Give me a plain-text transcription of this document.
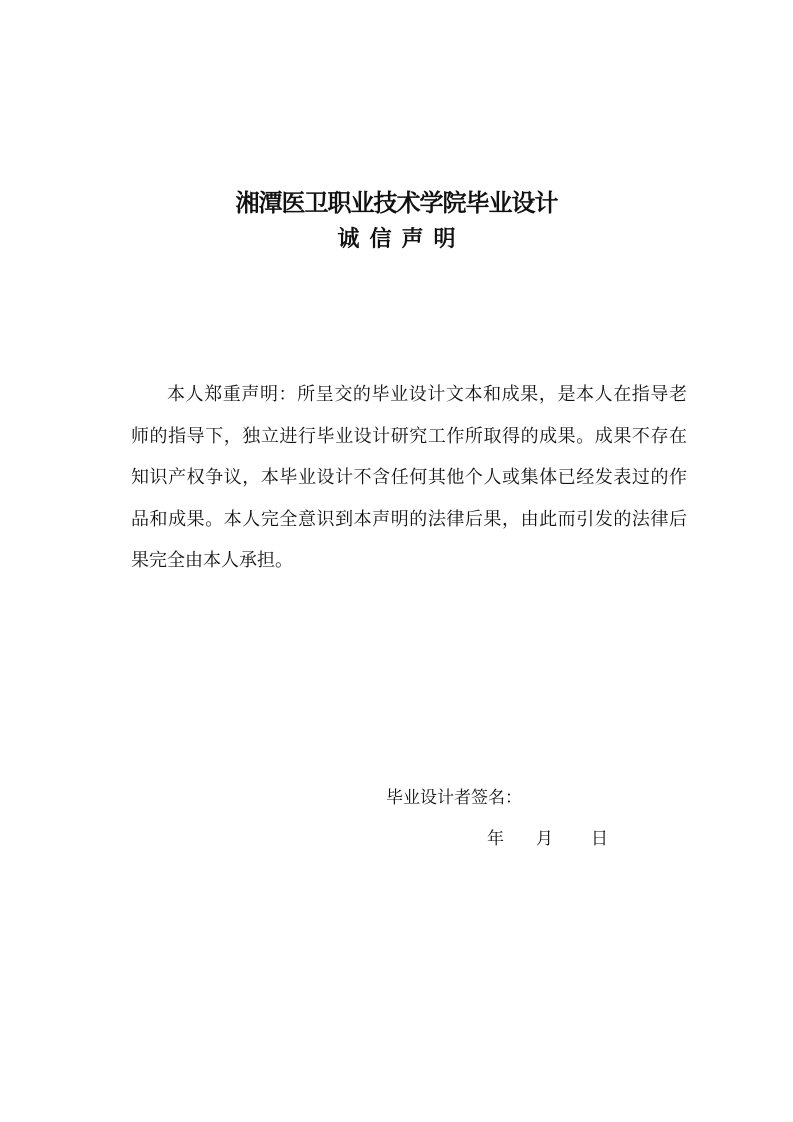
湘潭医卫职业技术学院毕业设计
诚信声明

本人郑重声明：所呈交的毕业设计文本和成果，是本人在指导老师的指导下，独立进行毕业设计研究工作所取得的成果。成果不存在知识产权争议，本毕业设计不含任何其他个人或集体已经发表过的作品和成果。本人完全意识到本声明的法律后果，由此而引发的法律后果完全由本人承担。

毕业设计者签名：
年 月 日
